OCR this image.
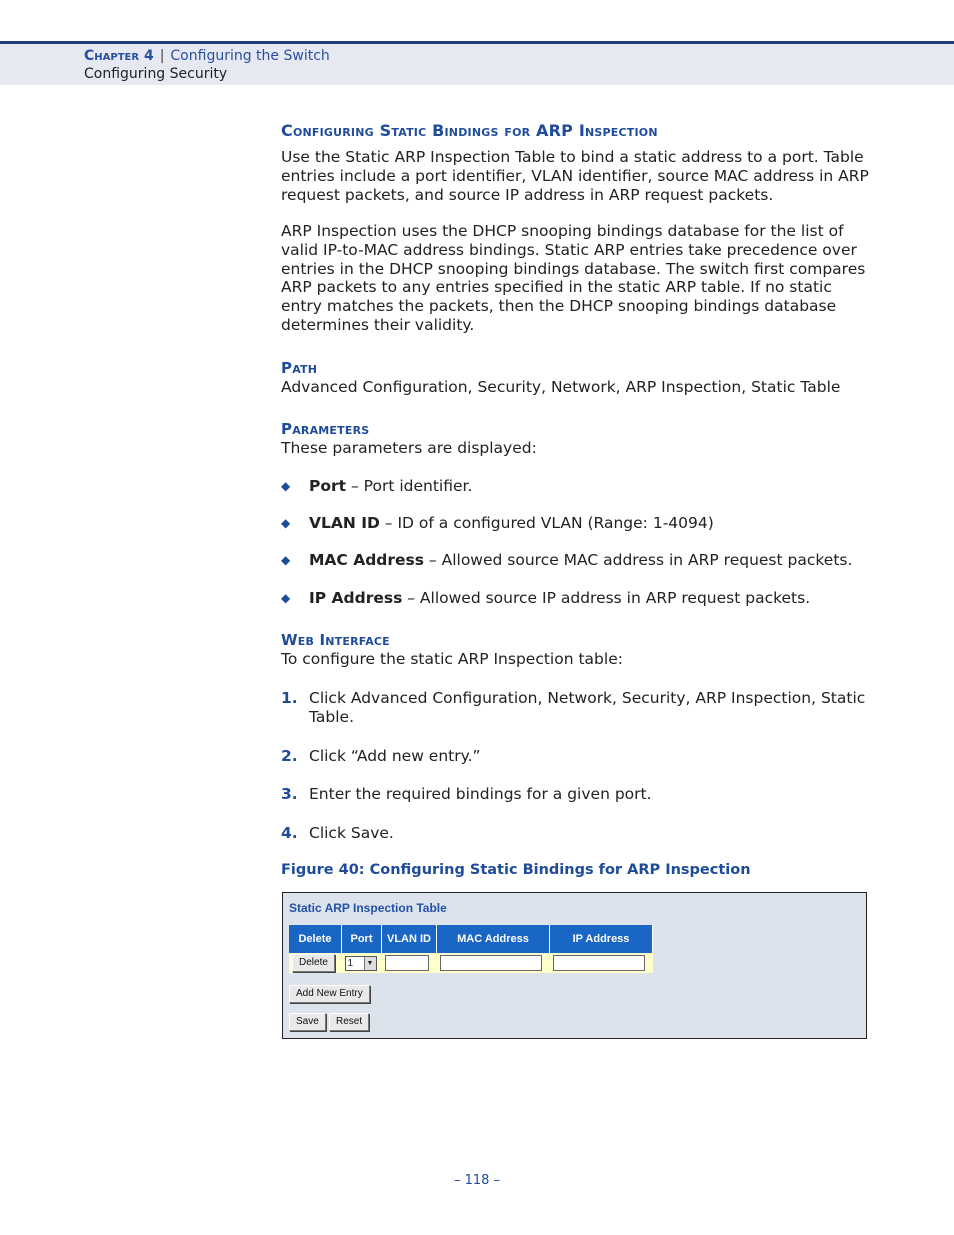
Chapter 4 | Configuring the Switch
Configuring Security
Configuring Static Bindings for ARP Inspection
Use the Static ARP Inspection Table to bind a static address to a port. Table entries include a port identifier, VLAN identifier, source MAC address in ARP request packets, and source IP address in ARP request packets.
ARP Inspection uses the DHCP snooping bindings database for the list of valid IP-to-MAC address bindings. Static ARP entries take precedence over entries in the DHCP snooping bindings database. The switch first compares ARP packets to any entries specified in the static ARP table. If no static entry matches the packets, then the DHCP snooping bindings database determines their validity.
Path
Advanced Configuration, Security, Network, ARP Inspection, Static Table
Parameters
These parameters are displayed:
◆ Port – Port identifier.
◆ VLAN ID – ID of a configured VLAN (Range: 1-4094)
◆ MAC Address – Allowed source MAC address in ARP request packets.
◆ IP Address – Allowed source IP address in ARP request packets.
Web Interface
To configure the static ARP Inspection table:
1. Click Advanced Configuration, Network, Security, ARP Inspection, Static Table.
2. Click “Add new entry.”
3. Enter the required bindings for a given port.
4. Click Save.
Figure 40: Configuring Static Bindings for ARP Inspection
Static ARP Inspection Table
Delete	Port	VLAN ID	MAC Address	IP Address
Delete	1 ▼			

Add New Entry
Save	Reset
– 118 –
